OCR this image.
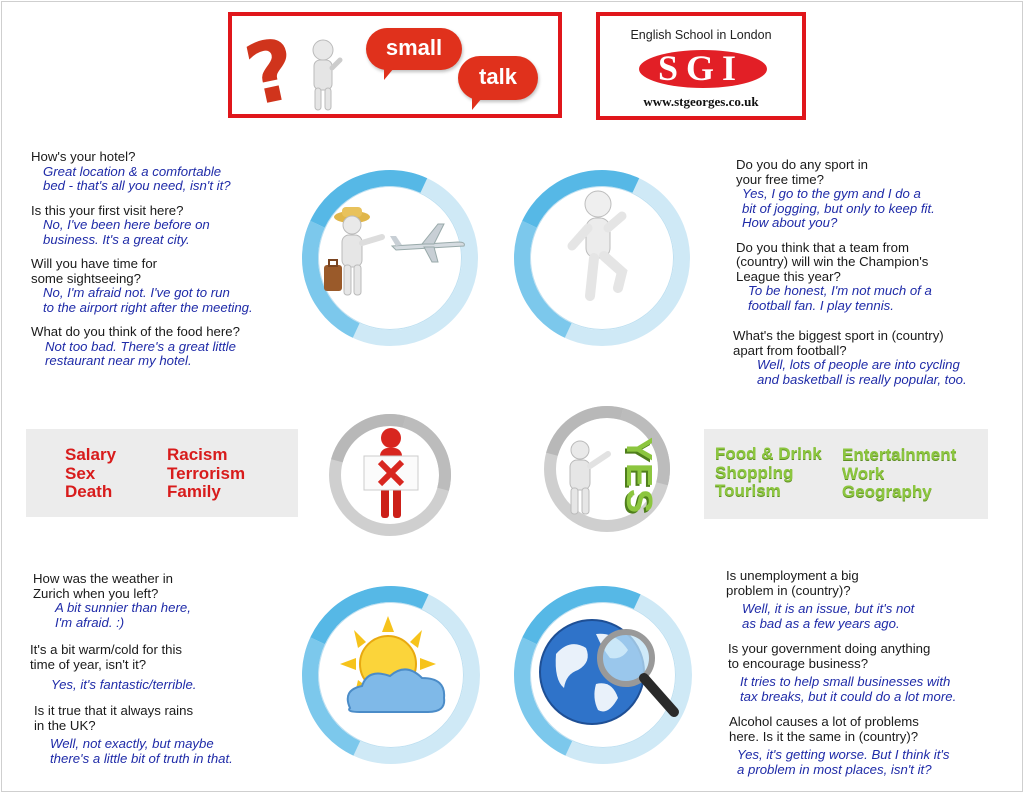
?	small
talk
English School in London
SGI
www.stgeorges.co.uk
How's your hotel?
Great location & a comfortable
bed - that's all you need, isn't it?
Is this your first visit here?
No, I've been here before on
business. It's a great city.
Will you have time for
some sightseeing?
No, I'm afraid not. I've got to run
to the airport right after the meeting.
What do you think of the food here?
Not too bad. There's a great little
restaurant near my hotel.
Do you do any sport in
your free time?
Yes, I go to the gym and I do a
bit of jogging, but only to keep fit.
How about you?
Do you think that a team from
(country) will win the Champion's
League this year?
To be honest, I'm not much of a
football fan. I play tennis.
What's the biggest sport in (country)
apart from football?
Well, lots of people are into cycling
and basketball is really popular, too.
Salary
Sex
Death
Racism
Terrorism
Family	YES	Food & Drink
Shopping
Tourism
Entertainment
Work
Geography
How was the weather in
Zurich when you left?
A bit sunnier than here,
I'm afraid. :)
It's a bit warm/cold for this
time of year, isn't it?
Yes, it's fantastic/terrible.
Is it true that it always rains
in the UK?
Well, not exactly, but maybe
there's a little bit of truth in that.
Is unemployment a big
problem in (country)?
Well, it is an issue, but it's not
as bad as a few years ago.
Is your government doing anything
to encourage business?
It tries to help small businesses with
tax breaks, but it could do a lot more.
Alcohol causes a lot of problems
here. Is it the same in (country)?
Yes, it's getting worse. But I think it's
a problem in most places, isn't it?
